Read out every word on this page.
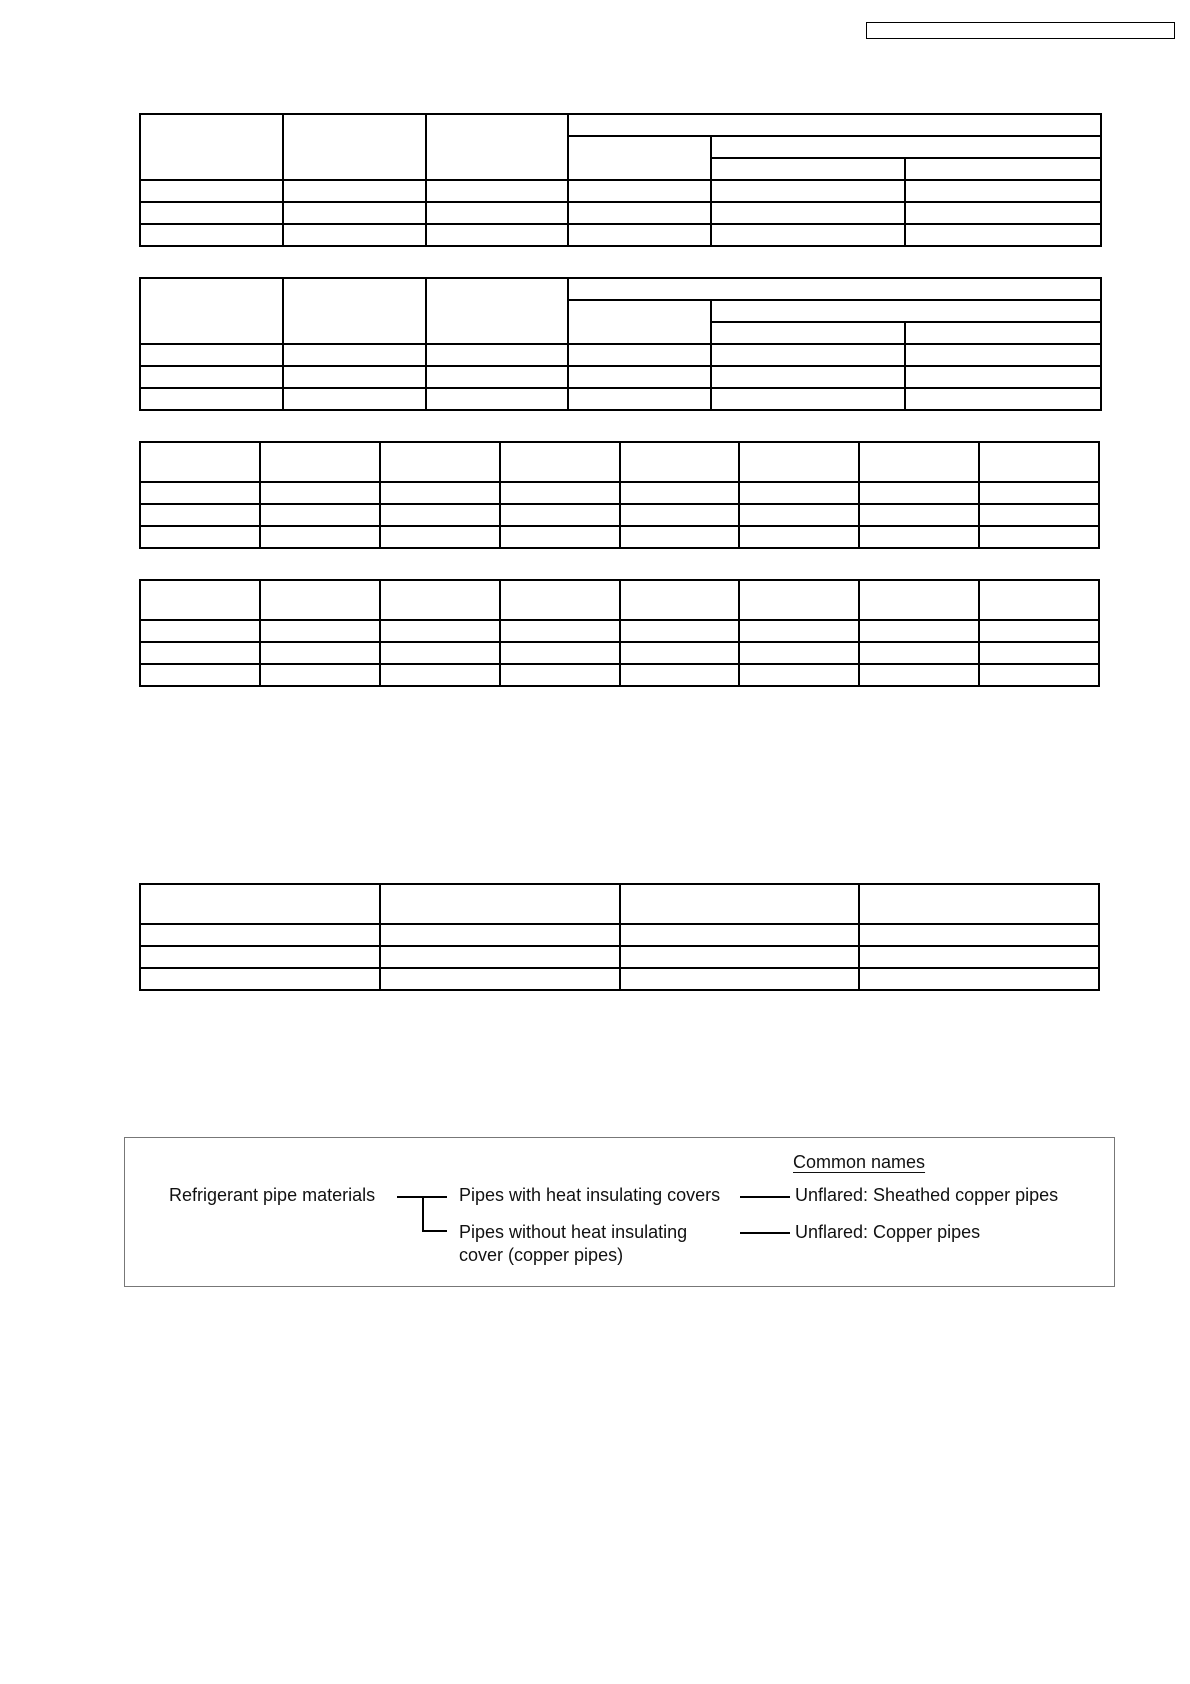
Common names
Refrigerant pipe materials	Pipes with heat insulating covers
Pipes without heat insulating
cover (copper pipes)
Unflared: Sheathed copper pipes
Unflared: Copper pipes
